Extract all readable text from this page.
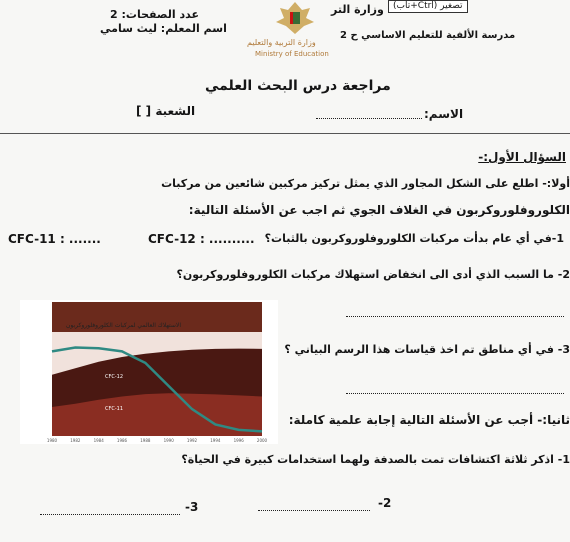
تصغير (Ctrl+تاب)
عدد الصفحات: 2
اسم المعلم: ليث سامي
وزارة التربية والتعليم
Ministry of Education
وزارة التر
مدرسة الألفية للتعليم الاساسي ح 2
مراجعة درس البحث العلمي
الاسم:
الشعبة [ ]
السؤال الأول:-
أولا:- اطلع على الشكل المجاور الذي يمثل تركيز مركبين شائعين من مركبات
الكلوروفلوروكربون في الغلاف الجوي ثم اجب عن الأسئلة التالية:
1-في أي عام بدأت مركبات الكلوروفلوروكربون بالثبات؟
CFC-12 : ..........
CFC-11 : .......
2- ما السبب الذي أدى الى انخفاض استهلاك مركبات الكلوروفلوروكربون؟
CFC-12
CFC-11
1980	1982	1984	1986	1988	1990	1992	1994	1996	2000
الاستهلاك العالمي لمركبات الكلوروفلوروكربون
3- في أي مناطق تم اخذ قياسات هذا الرسم البياني ؟
ثانيا:- أجب عن الأسئلة التالية إجابة علمية كاملة:
1- اذكر ثلاثة اكتشافات تمت بالصدفة ولهما استخدامات كبيرة في الحياة؟
-2
-3
